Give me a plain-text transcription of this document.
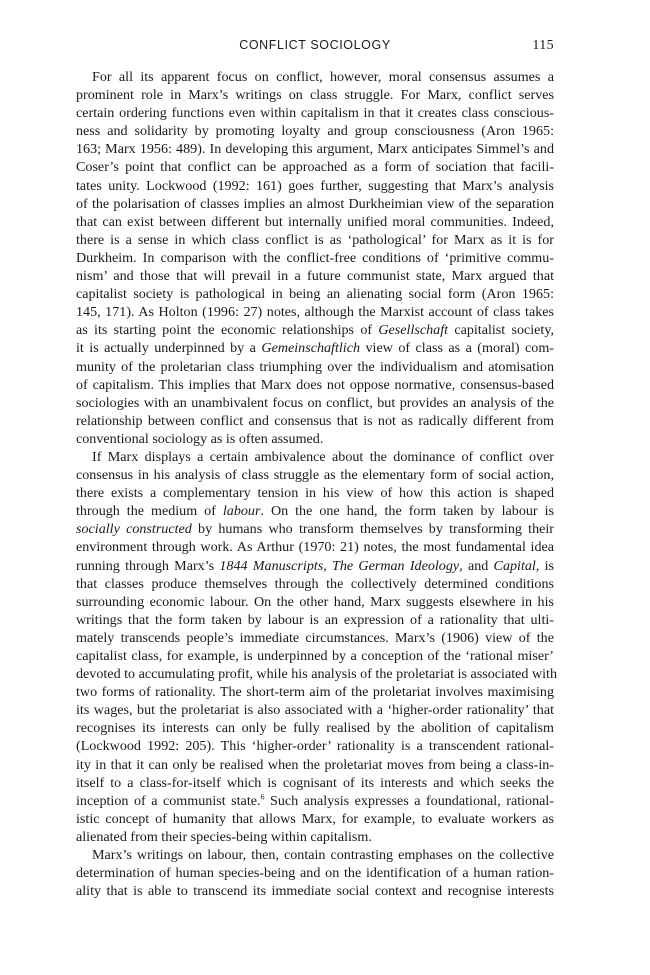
CONFLICT SOCIOLOGY	115
For all its apparent focus on conflict, however, moral consensus assumes a
prominent role in Marx’s writings on class struggle. For Marx, conflict serves
certain ordering functions even within capitalism in that it creates class conscious-
ness and solidarity by promoting loyalty and group consciousness (Aron 1965:
163; Marx 1956: 489). In developing this argument, Marx anticipates Simmel’s and
Coser’s point that conflict can be approached as a form of sociation that facili-
tates unity. Lockwood (1992: 161) goes further, suggesting that Marx’s analysis
of the polarisation of classes implies an almost Durkheimian view of the separation
that can exist between different but internally unified moral communities. Indeed,
there is a sense in which class conflict is as ‘pathological’ for Marx as it is for
Durkheim. In comparison with the conflict-free conditions of ‘primitive commu-
nism’ and those that will prevail in a future communist state, Marx argued that
capitalist society is pathological in being an alienating social form (Aron 1965:
145, 171). As Holton (1996: 27) notes, although the Marxist account of class takes
as its starting point the economic relationships of Gesellschaft capitalist society,
it is actually underpinned by a Gemeinschaftlich view of class as a (moral) com-
munity of the proletarian class triumphing over the individualism and atomisation
of capitalism. This implies that Marx does not oppose normative, consensus-based
sociologies with an unambivalent focus on conflict, but provides an analysis of the
relationship between conflict and consensus that is not as radically different from
conventional sociology as is often assumed.
If Marx displays a certain ambivalence about the dominance of conflict over
consensus in his analysis of class struggle as the elementary form of social action,
there exists a complementary tension in his view of how this action is shaped
through the medium of labour. On the one hand, the form taken by labour is
socially constructed by humans who transform themselves by transforming their
environment through work. As Arthur (1970: 21) notes, the most fundamental idea
running through Marx’s 1844 Manuscripts, The German Ideology, and Capital, is
that classes produce themselves through the collectively determined conditions
surrounding economic labour. On the other hand, Marx suggests elsewhere in his
writings that the form taken by labour is an expression of a rationality that ulti-
mately transcends people’s immediate circumstances. Marx’s (1906) view of the
capitalist class, for example, is underpinned by a conception of the ‘rational miser’
devoted to accumulating profit, while his analysis of the proletariat is associated with
two forms of rationality. The short-term aim of the proletariat involves maximising
its wages, but the proletariat is also associated with a ‘higher-order rationality’ that
recognises its interests can only be fully realised by the abolition of capitalism
(Lockwood 1992: 205). This ‘higher-order’ rationality is a transcendent rational-
ity in that it can only be realised when the proletariat moves from being a class-in-
itself to a class-for-itself which is cognisant of its interests and which seeks the
inception of a communist state.$^6$ Such analysis expresses a foundational, rational-
istic concept of humanity that allows Marx, for example, to evaluate workers as
alienated from their species-being within capitalism.
Marx’s writings on labour, then, contain contrasting emphases on the collective
determination of human species-being and on the identification of a human ration-
ality that is able to transcend its immediate social context and recognise interests
